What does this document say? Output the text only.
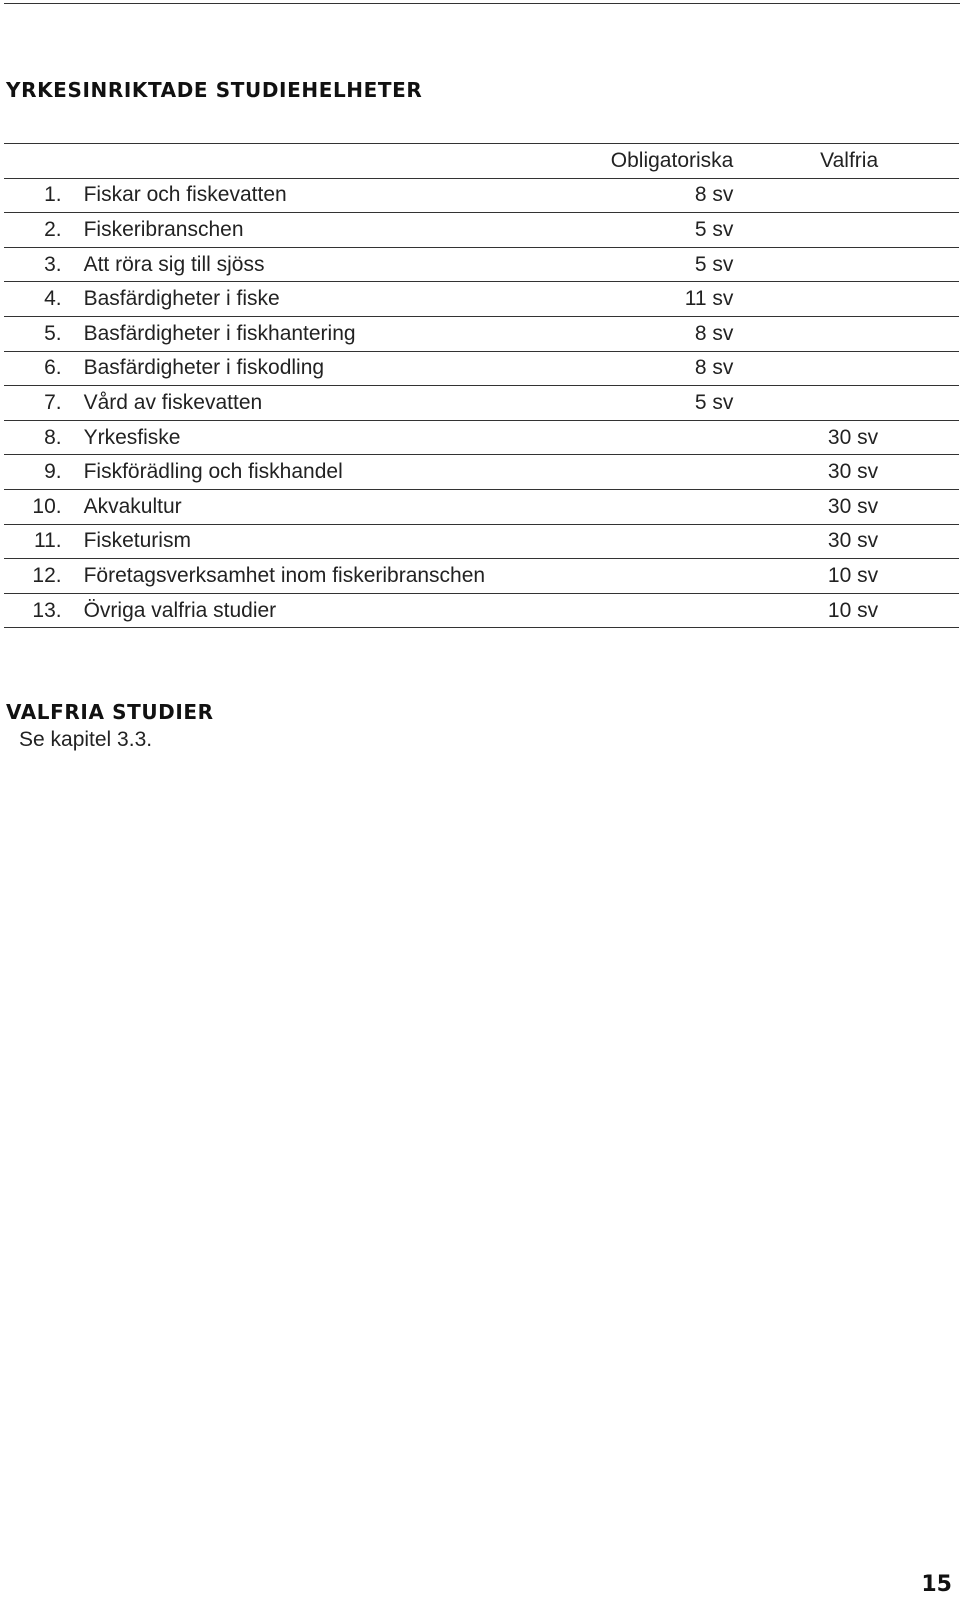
YRKESINRIKTADE STUDIEHELHETER
		Obligatoriska	Valfria	
1.	Fiskar och fiskevatten	8 sv		
2.	Fiskeribranschen	5 sv		
3.	Att röra sig till sjöss	5 sv		
4.	Basfärdigheter i fiske	11 sv		
5.	Basfärdigheter i fiskhantering	8 sv		
6.	Basfärdigheter i fiskodling	8 sv		
7.	Vård av fiskevatten	5 sv		
8.	Yrkesfiske		30 sv	
9.	Fiskförädling och fiskhandel		30 sv	
10.	Akvakultur		30 sv	
11.	Fisketurism		30 sv	
12.	Företagsverksamhet inom fiskeribranschen		10 sv	
13.	Övriga valfria studier		10 sv	
VALFRIA STUDIER

Se kapitel 3.3.

15
